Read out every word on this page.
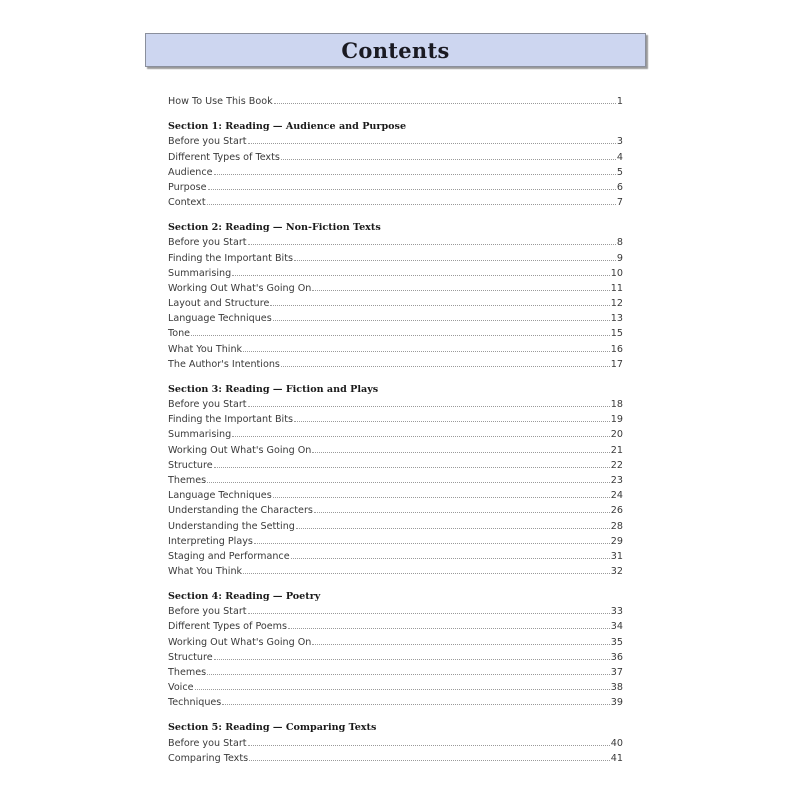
Contents
How To Use This Book	1
Section 1: Reading — Audience and Purpose
Before you Start	3
Different Types of Texts	4
Audience	5
Purpose	6
Context	7
Section 2: Reading — Non-Fiction Texts
Before you Start	8
Finding the Important Bits	9
Summarising	10
Working Out What's Going On	11
Layout and Structure	12
Language Techniques	13
Tone	15
What You Think	16
The Author's Intentions	17
Section 3: Reading — Fiction and Plays
Before you Start	18
Finding the Important Bits	19
Summarising	20
Working Out What's Going On	21
Structure	22
Themes	23
Language Techniques	24
Understanding the Characters	26
Understanding the Setting	28
Interpreting Plays	29
Staging and Performance	31
What You Think	32
Section 4: Reading — Poetry
Before you Start	33
Different Types of Poems	34
Working Out What's Going On	35
Structure	36
Themes	37
Voice	38
Techniques	39
Section 5: Reading — Comparing Texts
Before you Start	40
Comparing Texts	41
